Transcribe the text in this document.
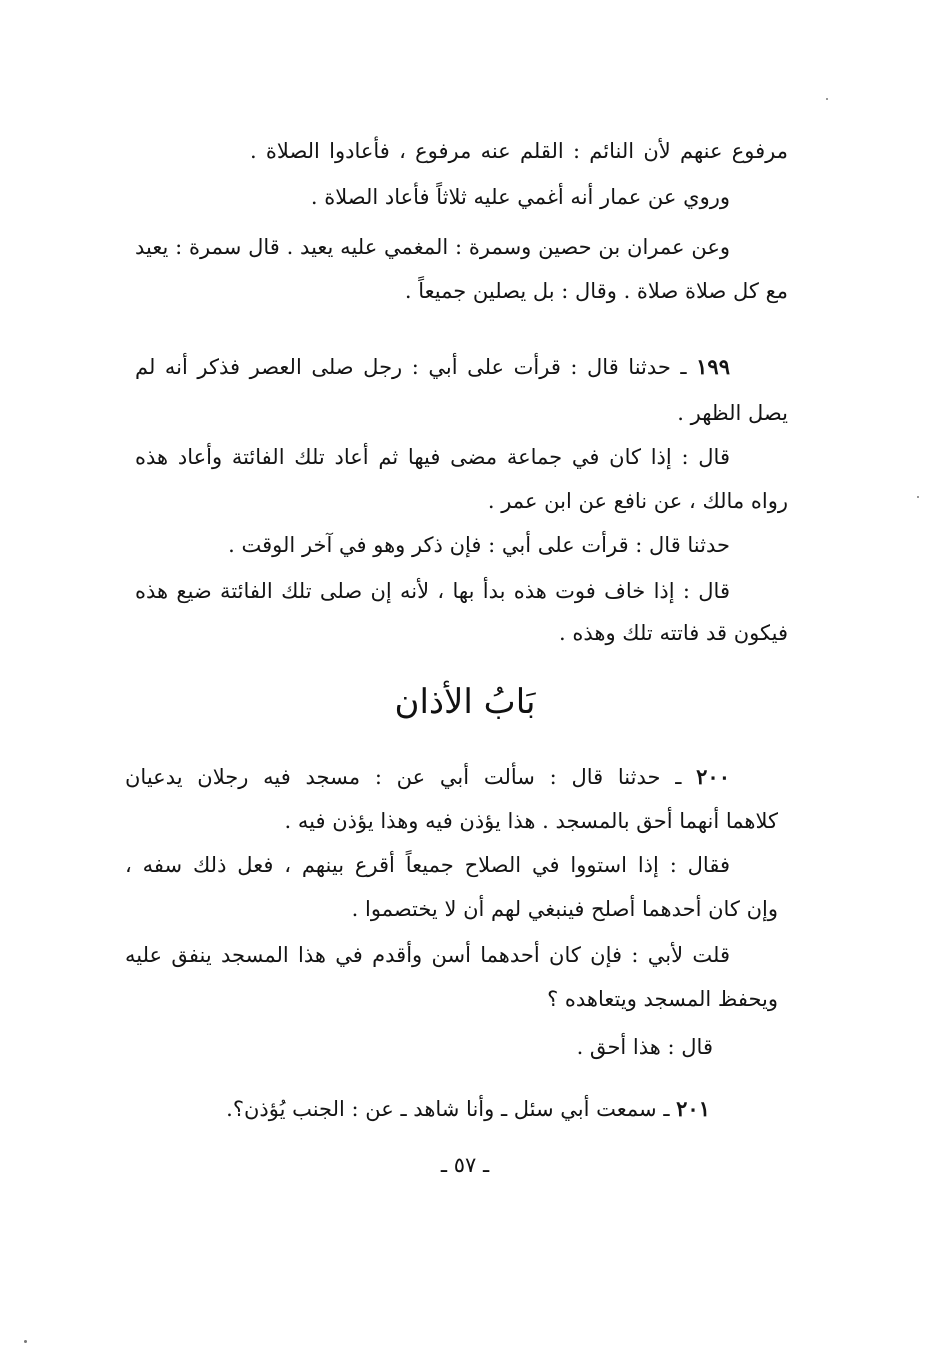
مرفوع عنهم لأن النائم : القلم عنه مرفوع ، فأعادوا الصلاة .
وروي عن عمار أنه أغمي عليه ثلاثاً فأعاد الصلاة .
وعن عمران بن حصين وسمرة : المغمي عليه يعيد . قال سمرة : يعيد
مع كل صلاة صلاة . وقال : بل يصلين جميعاً .
١٩٩ ـ حدثنا قال : قرأت على أبي : رجل صلى العصر فذكر أنه لم
يصل الظهر .
قال : إذا كان في جماعة مضى فيها ثم أعاد تلك الفائتة وأعاد هذه
رواه مالك ، عن نافع عن ابن عمر .
حدثنا قال : قرأت على أبي : فإن ذكر وهو في آخر الوقت .
قال : إذا خاف فوت هذه بدأ بها ، لأنه إن صلى تلك الفائتة ضيع هذه
فيكون قد فاتته تلك وهذه .
بَابُ الأذان
٢٠٠ ـ حدثنا قال : سألت أبي عن : مسجد فيه رجلان يدعيان
كلاهما أنهما أحق بالمسجد . هذا يؤذن فيه وهذا يؤذن فيه .
فقال : إذا استووا في الصلاح جميعاً أقرع بينهم ، فعل ذلك سفه ،
وإن كان أحدهما أصلح فينبغي لهم أن لا يختصموا .
قلت لأبي : فإن كان أحدهما أسن وأقدم في هذا المسجد ينفق عليه
ويحفظ المسجد ويتعاهده ؟
قال : هذا أحق .
٢٠١ ـ سمعت أبي سئل ـ وأنا شاهد ـ عن : الجنب يُؤذن؟.
ـ ٥٧ ـ
